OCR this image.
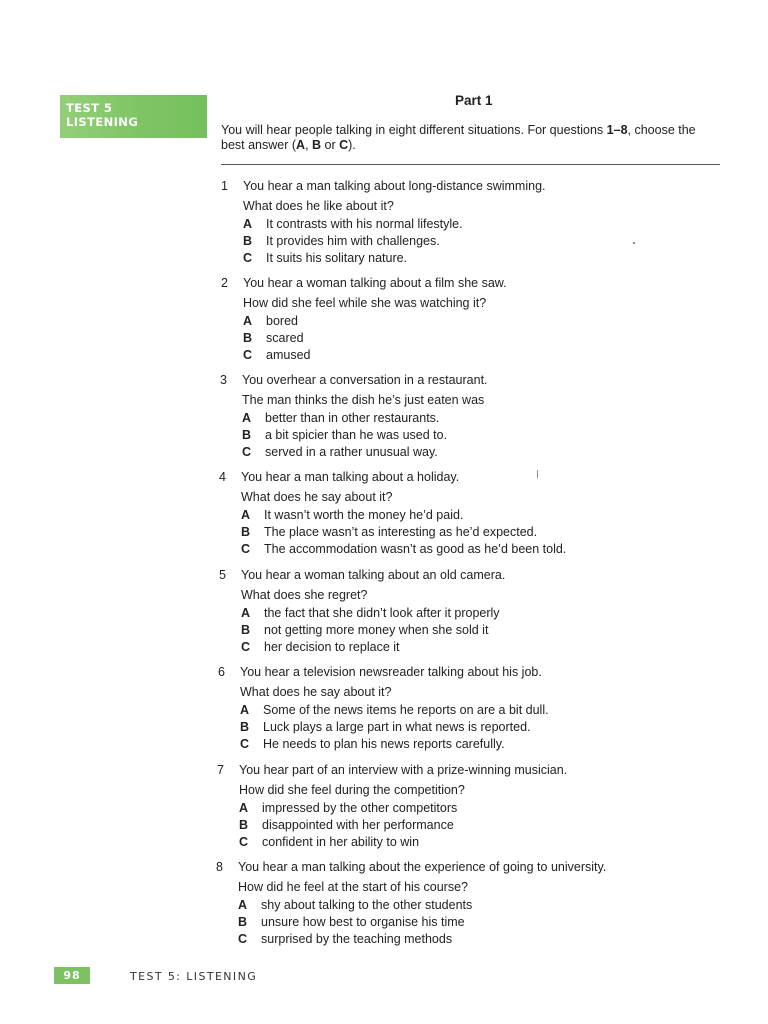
TEST 5
LISTENING
Part 1
You will hear people talking in eight different situations. For questions 1–8, choose the best answer (A, B or C).
1	You hear a man talking about long-distance swimming.
What does he like about it?
A It contrasts with his normal lifestyle.
B It provides him with challenges.
C It suits his solitary nature.
2	You hear a woman talking about a film she saw.
How did she feel while she was watching it?
A bored
B scared
C amused
3	You overhear a conversation in a restaurant.
The man thinks the dish he’s just eaten was
A better than in other restaurants.
B a bit spicier than he was used to.
C served in a rather unusual way.
4	You hear a man talking about a holiday.
What does he say about it?
A It wasn’t worth the money he’d paid.
B The place wasn’t as interesting as he’d expected.
C The accommodation wasn’t as good as he’d been told.
5	You hear a woman talking about an old camera.
What does she regret?
A the fact that she didn’t look after it properly
B not getting more money when she sold it
C her decision to replace it
6	You hear a television newsreader talking about his job.
What does he say about it?
A Some of the news items he reports on are a bit dull.
B Luck plays a large part in what news is reported.
C He needs to plan his news reports carefully.
7	You hear part of an interview with a prize-winning musician.
How did she feel during the competition?
A impressed by the other competitors
B disappointed with her performance
C confident in her ability to win
8	You hear a man talking about the experience of going to university.
How did he feel at the start of his course?
A shy about talking to the other students
B unsure how best to organise his time
C surprised by the teaching methods
98	TEST 5: LISTENING
